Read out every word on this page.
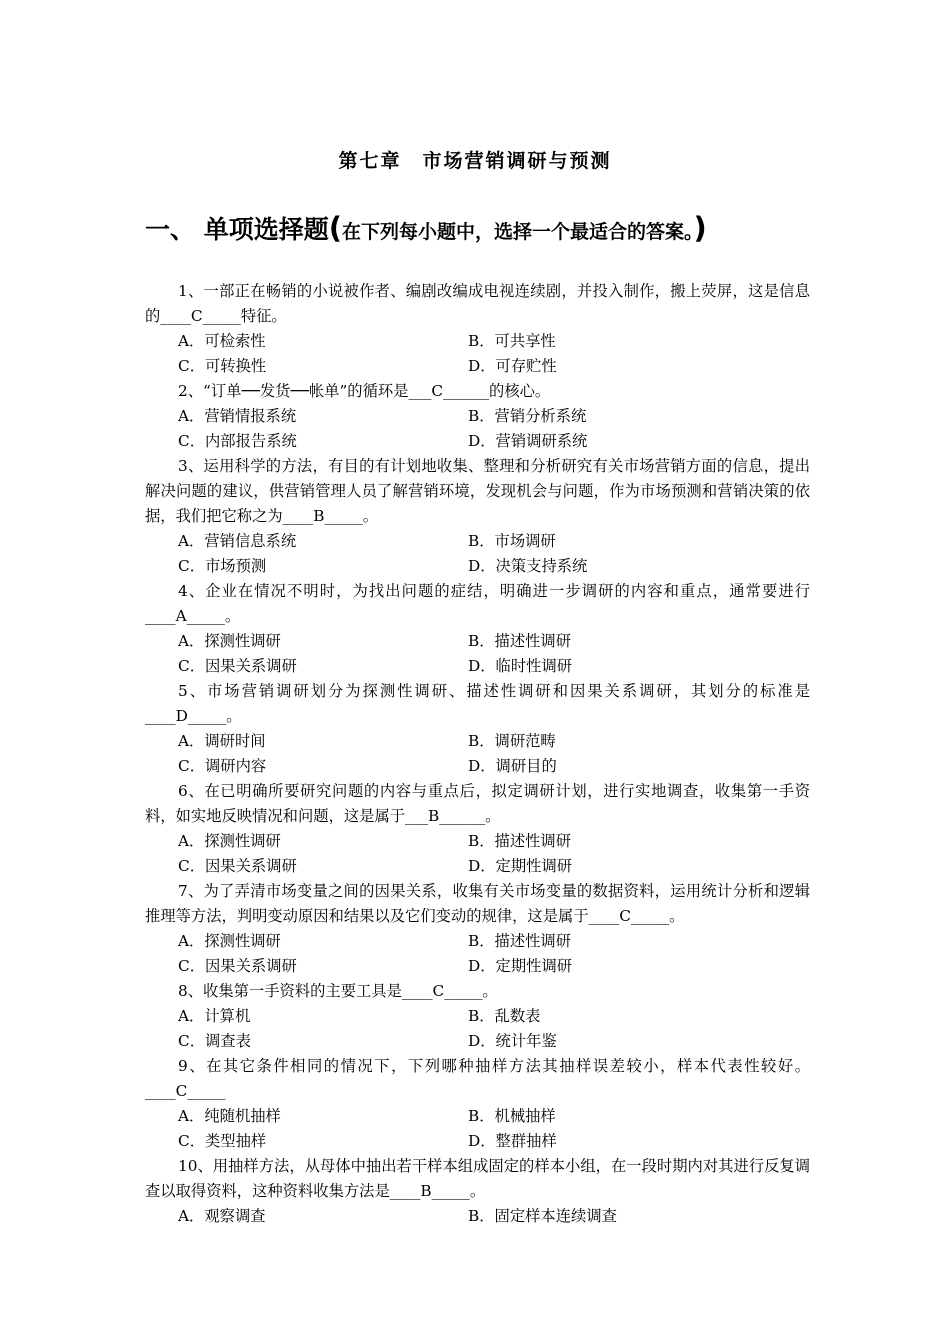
第七章　市场营销调研与预测
一、 单项选择题(在下列每小题中，选择一个最适合的答案。)
1、一部正在畅销的小说被作者、编剧改编成电视连续剧，并投入制作，搬上荧屏，这是信息的____C_____特征。
A．可检索性	B．可共享性
C．可转换性	D．可存贮性
2、“订单──发货──帐单”的循环是___C______的核心。
A．营销情报系统	B．营销分析系统
C．内部报告系统	D．营销调研系统
3、运用科学的方法，有目的有计划地收集、整理和分析研究有关市场营销方面的信息，提出解决问题的建议，供营销管理人员了解营销环境，发现机会与问题，作为市场预测和营销决策的依据，我们把它称之为____B_____。
A．营销信息系统	B．市场调研
C．市场预测	D．决策支持系统
4、企业在情况不明时，为找出问题的症结，明确进一步调研的内容和重点，通常要进行____A_____。
A．探测性调研	B．描述性调研
C．因果关系调研	D．临时性调研
5、市场营销调研划分为探测性调研、描述性调研和因果关系调研，其划分的标准是____D_____。
A．调研时间	B．调研范畴
C．调研内容	D．调研目的
6、在已明确所要研究问题的内容与重点后，拟定调研计划，进行实地调查，收集第一手资料，如实地反映情况和问题，这是属于___B______。
A．探测性调研	B．描述性调研
C．因果关系调研	D．定期性调研
7、为了弄清市场变量之间的因果关系，收集有关市场变量的数据资料，运用统计分析和逻辑推理等方法，判明变动原因和结果以及它们变动的规律，这是属于____C_____。
A．探测性调研	B．描述性调研
C．因果关系调研	D．定期性调研
8、收集第一手资料的主要工具是____C_____。
A．计算机	B．乱数表
C．调查表	D．统计年鉴
9、在其它条件相同的情况下，下列哪种抽样方法其抽样误差较小，样本代表性较好。____C_____
A．纯随机抽样	B．机械抽样
C．类型抽样	D．整群抽样
10、用抽样方法，从母体中抽出若干样本组成固定的样本小组，在一段时期内对其进行反复调查以取得资料，这种资料收集方法是____B_____。
A．观察调查	B．固定样本连续调查
